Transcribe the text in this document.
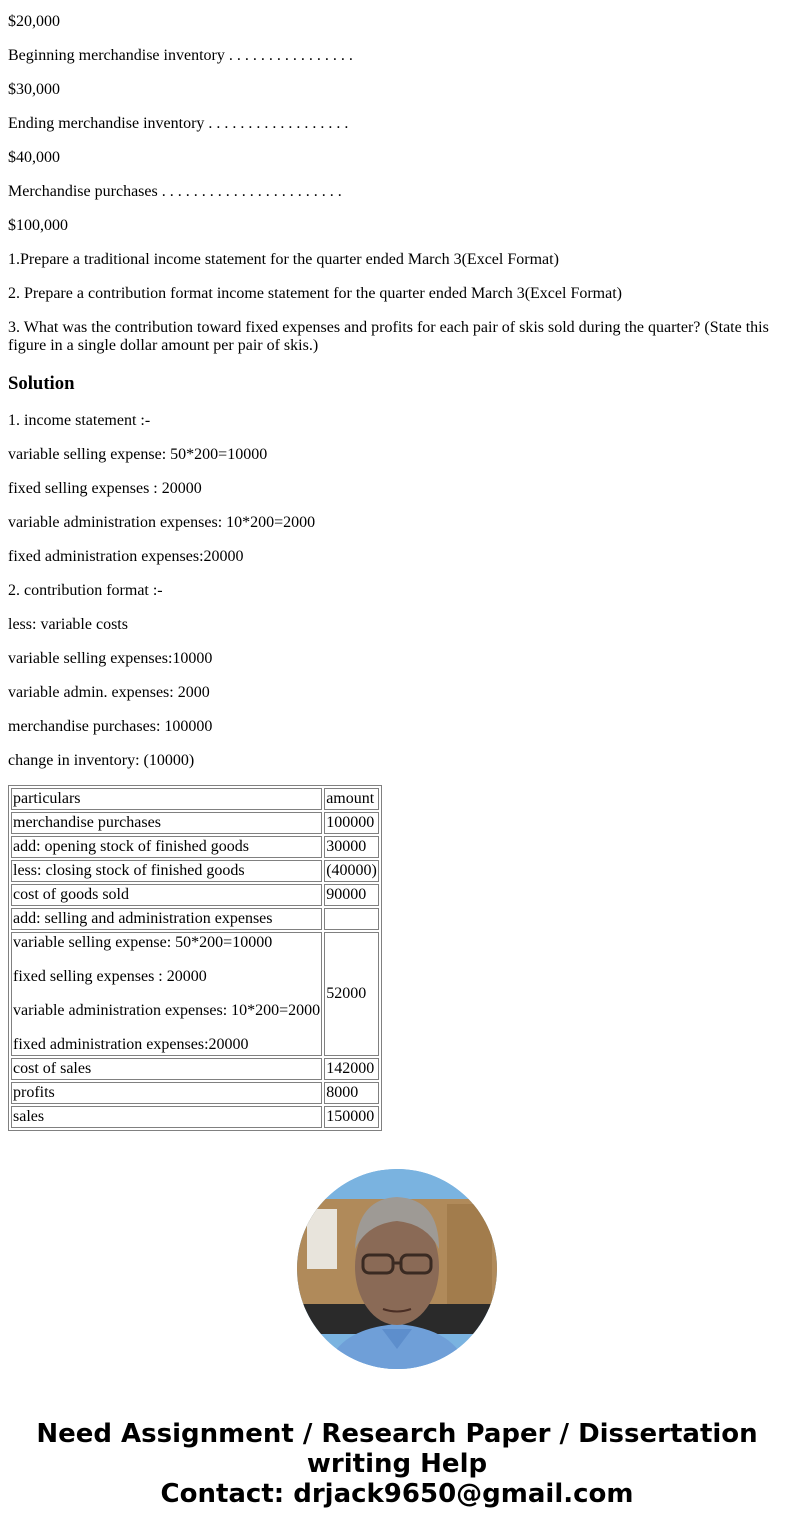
$20,000

Beginning merchandise inventory . . . . . . . . . . . . . . . .

$30,000

Ending merchandise inventory . . . . . . . . . . . . . . . . . .

$40,000

Merchandise purchases . . . . . . . . . . . . . . . . . . . . . . .

$100,000

1.Prepare a traditional income statement for the quarter ended March 3(Excel Format)

2. Prepare a contribution format income statement for the quarter ended March 3(Excel Format)

3. What was the contribution toward fixed expenses and profits for each pair of skis sold during the quarter? (State this figure in a single dollar amount per pair of skis.)

Solution

1. income statement :-

variable selling expense: 50*200=10000

fixed selling expenses : 20000

variable administration expenses: 10*200=2000

fixed administration expenses:20000

2. contribution format :-

less: variable costs

variable selling expenses:10000

variable admin. expenses: 2000

merchandise purchases: 100000

change in inventory: (10000)

particulars	amount
merchandise purchases	100000
add: opening stock of finished goods	30000
less: closing stock of finished goods	(40000)
cost of goods sold	90000
add: selling and administration expenses	

variable selling expense: 50*200=10000

fixed selling expenses : 20000

variable administration expenses: 10*200=2000

fixed administration expenses:20000	52000
cost of sales	142000
profits	8000
sales	150000
Need Assignment / Research Paper / Dissertation
writing Help
Contact: drjack9650@gmail.com
